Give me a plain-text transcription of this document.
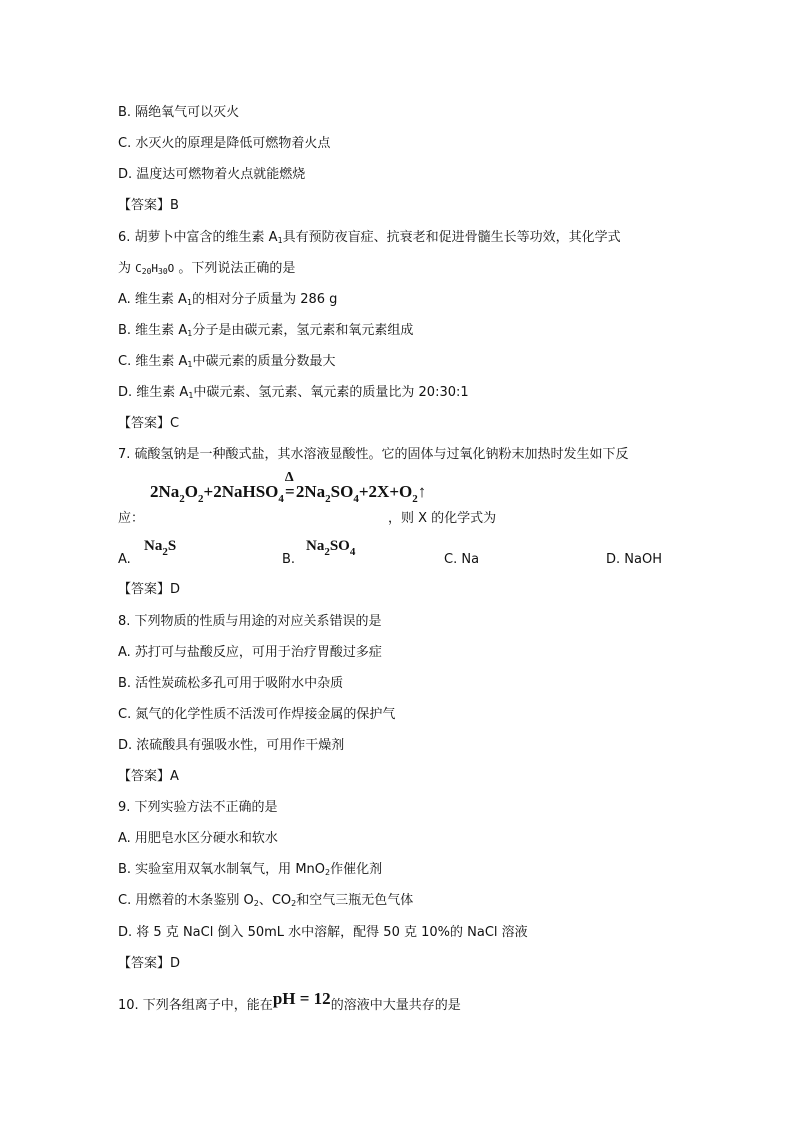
B. 隔绝氧气可以灭火
C. 水灭火的原理是降低可燃物着火点
D. 温度达可燃物着火点就能燃烧
【答案】B
6. 胡萝卜中富含的维生素 $A_1$具有预防夜盲症、抗衰老和促进骨髓生长等功效，其化学式
为 $C_{20}H_{30}O$ 。下列说法正确的是
A. 维生素 $A_1$的相对分子质量为 286 g
B. 维生素 $A_1$分子是由碳元素，氢元素和氧元素组成
C. 维生素 $A_1$中碳元素的质量分数最大
D. 维生素 $A_1$中碳元素、氢元素、氧元素的质量比为 20:30:1
【答案】C
7. 硫酸氢钠是一种酸式盐，其水溶液显酸性。它的固体与过氧化钠粉末加热时发生如下反
$2Na_2O_2+2NaHSO_4$
Δ
$=2Na_2SO_4+2X+O_2↑$
应：	，则 X 的化学式为
A.
$Na_2S$
B.
$Na_2SO_4$	C. Na	D. NaOH
【答案】D
8. 下列物质的性质与用途的对应关系错误的是
A. 苏打可与盐酸反应，可用于治疗胃酸过多症
B. 活性炭疏松多孔可用于吸附水中杂质
C. 氮气的化学性质不活泼可作焊接金属的保护气
D. 浓硫酸具有强吸水性，可用作干燥剂
【答案】A
9. 下列实验方法不正确的是
A. 用肥皂水区分硬水和软水
B. 实验室用双氧水制氧气，用 MnO$_2$作催化剂
C. 用燃着的木条鉴别 $O_2$、$CO_2$和空气三瓶无色气体
D. 将 5 克 NaCl 倒入 50mL 水中溶解，配得 50 克 10%的 NaCl 溶液
【答案】D
10. 下列各组离子中，能在pH = 12的溶液中大量共存的是
